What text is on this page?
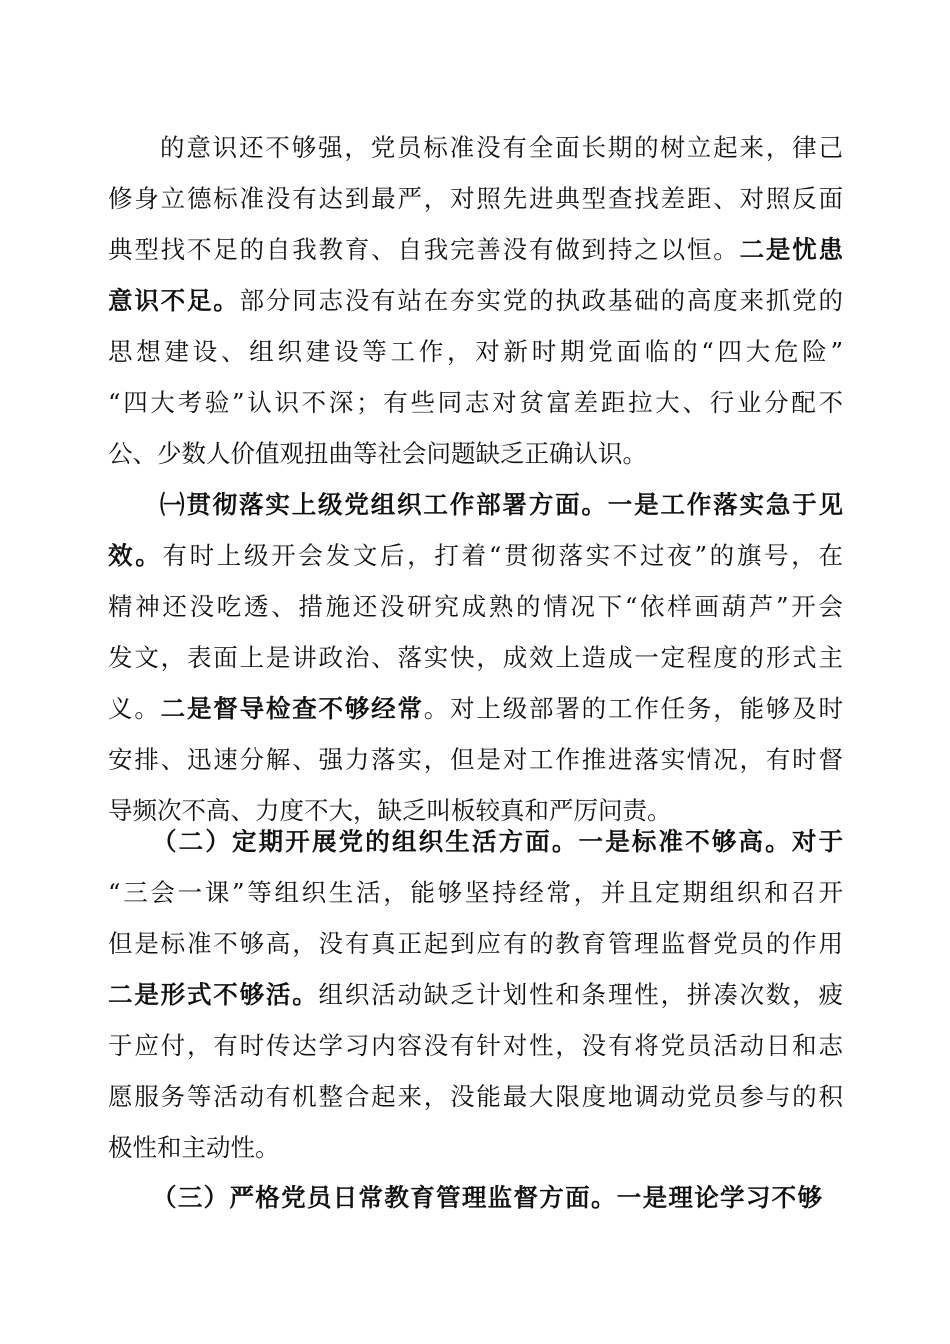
的意识还不够强，党员标准没有全面长期的树立起来，律己
修身立德标准没有达到最严，对照先进典型查找差距、对照反面
典型找不足的自我教育、自我完善没有做到持之以恒。二是忧患
意识不足。部分同志没有站在夯实党的执政基础的高度来抓党的
思想建设、组织建设等工作，对新时期党面临的“四大危险”
“四大考验”认识不深；有些同志对贫富差距拉大、行业分配不
公、少数人价值观扭曲等社会问题缺乏正确认识。
㈠贯彻落实上级党组织工作部署方面。一是工作落实急于见
效。有时上级开会发文后，打着“贯彻落实不过夜”的旗号，在
精神还没吃透、措施还没研究成熟的情况下“依样画葫芦”开会
发文，表面上是讲政治、落实快，成效上造成一定程度的形式主
义。二是督导检查不够经常。对上级部署的工作任务，能够及时
安排、迅速分解、强力落实，但是对工作推进落实情况，有时督
导频次不高、力度不大，缺乏叫板较真和严厉问责。
（二）定期开展党的组织生活方面。一是标准不够高。对于
“三会一课”等组织生活，能够坚持经常，并且定期组织和召开
但是标准不够高，没有真正起到应有的教育管理监督党员的作用
二是形式不够活。组织活动缺乏计划性和条理性，拼凑次数，疲
于应付，有时传达学习内容没有针对性，没有将党员活动日和志
愿服务等活动有机整合起来，没能最大限度地调动党员参与的积
极性和主动性。
（三）严格党员日常教育管理监督方面。一是理论学习不够
